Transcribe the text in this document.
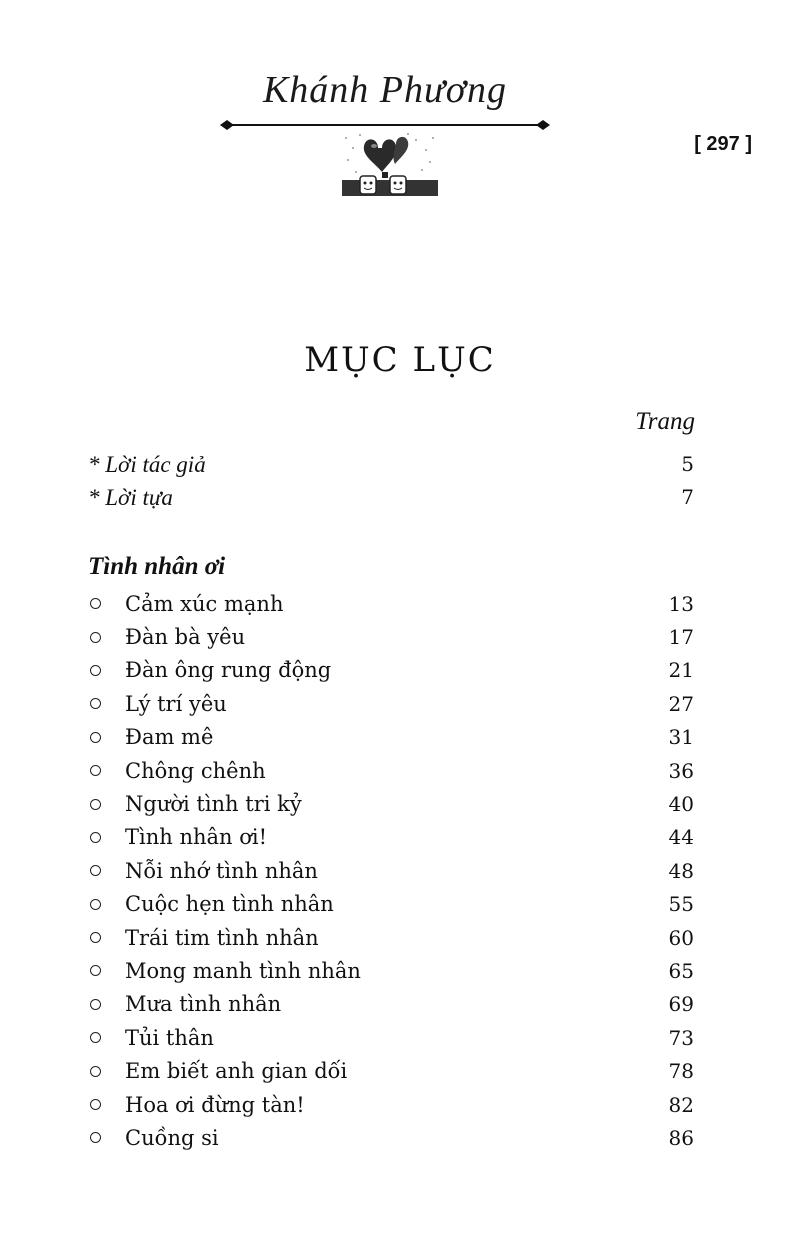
Khánh Phương
[ 297 ]
MỤC LỤC
Trang
* Lời tác giả	5
* Lời tựa	7
Tình nhân ơi
Cảm xúc mạnh	13
Đàn bà yêu	17
Đàn ông rung động	21
Lý trí yêu	27
Đam mê	31
Chông chênh	36
Người tình tri kỷ	40
Tình nhân ơi!	44
Nỗi nhớ tình nhân	48
Cuộc hẹn tình nhân	55
Trái tim tình nhân	60
Mong manh tình nhân	65
Mưa tình nhân	69
Tủi thân	73
Em biết anh gian dối	78
Hoa ơi đừng tàn!	82
Cuồng si	86
